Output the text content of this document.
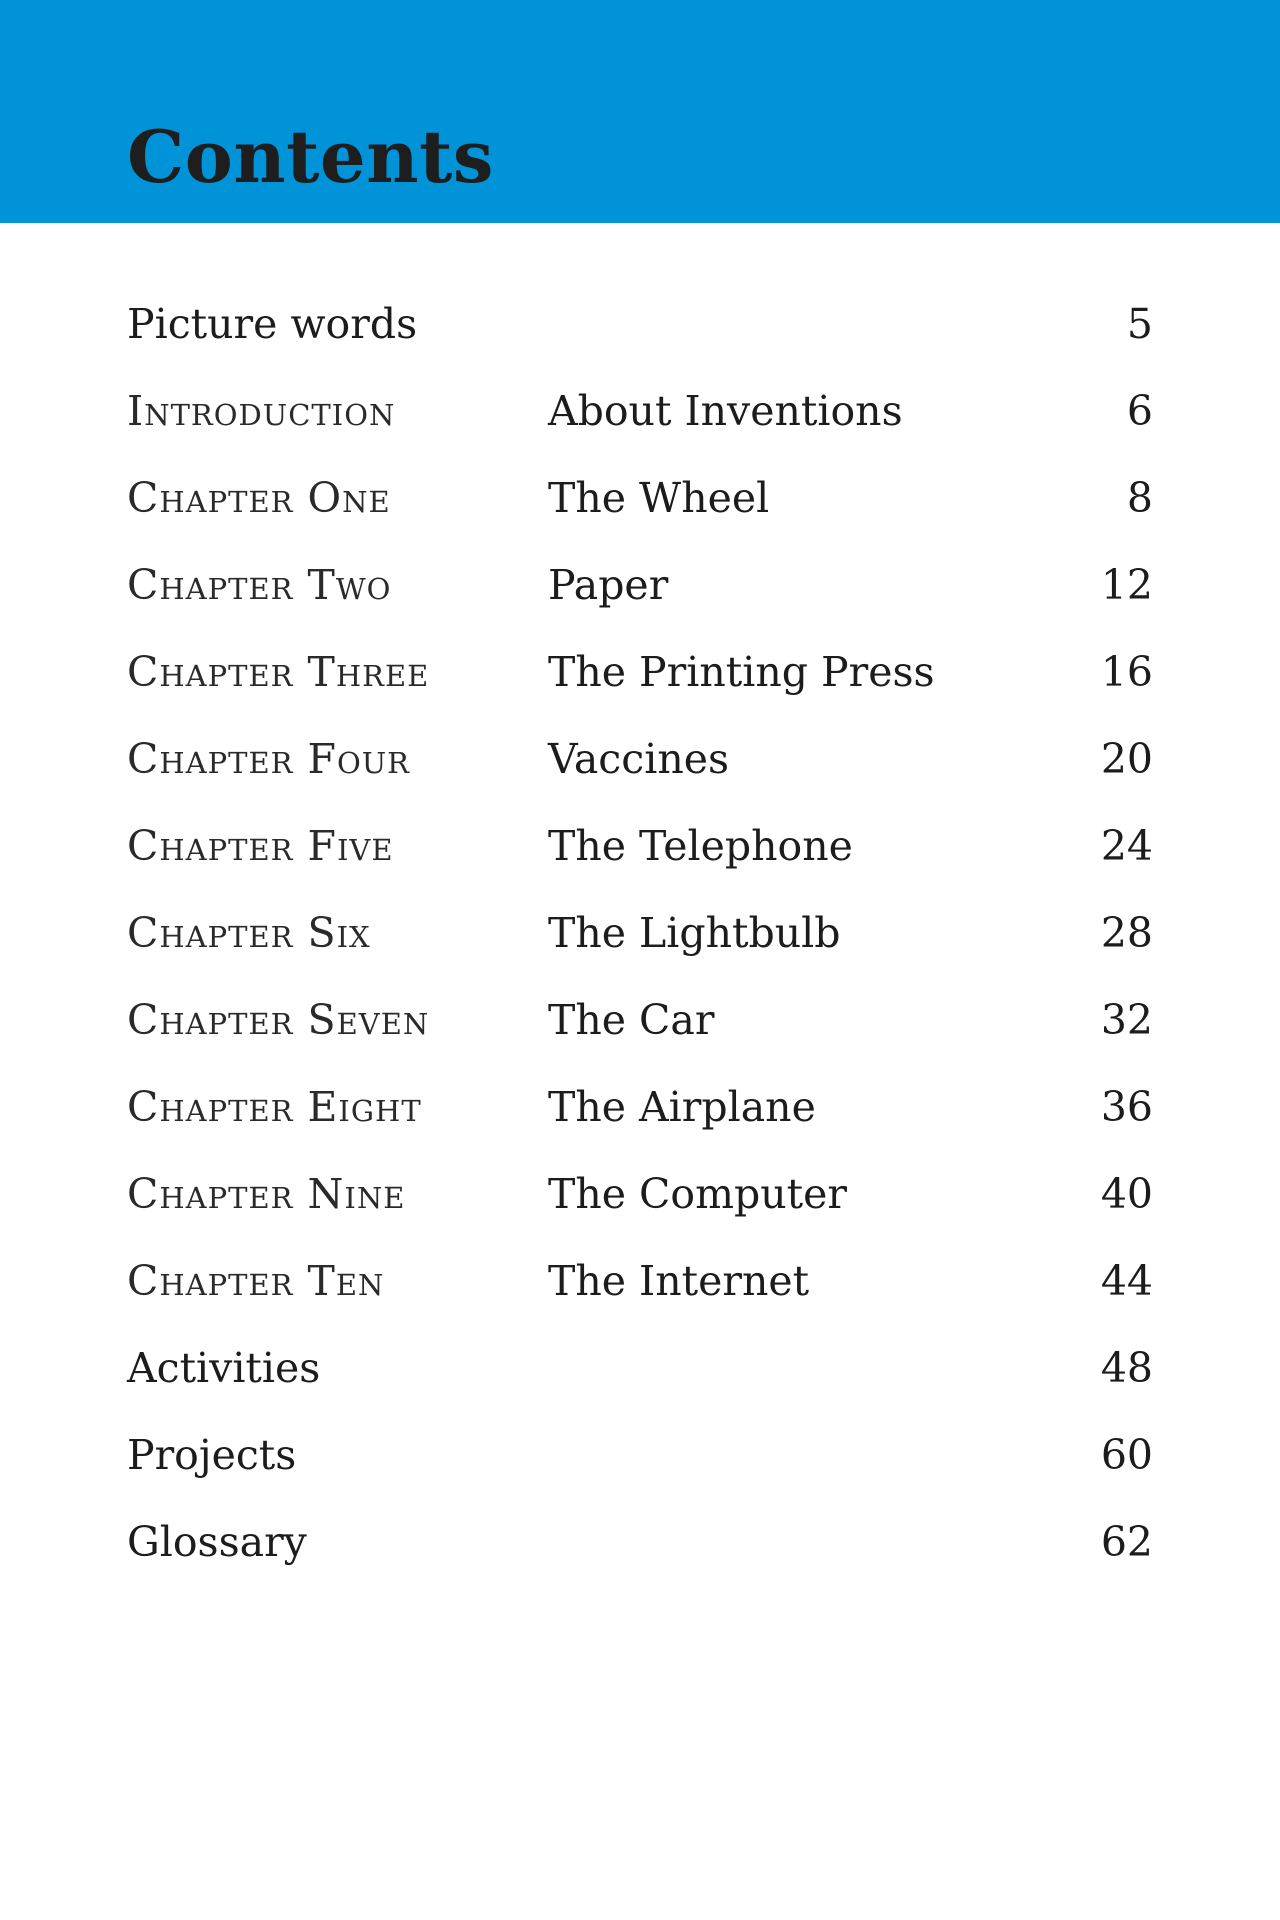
Contents
Picture words	5
Introduction	About Inventions	6
Chapter One	The Wheel	8
Chapter Two	Paper	12
Chapter Three	The Printing Press	16
Chapter Four	Vaccines	20
Chapter Five	The Telephone	24
Chapter Six	The Lightbulb	28
Chapter Seven	The Car	32
Chapter Eight	The Airplane	36
Chapter Nine	The Computer	40
Chapter Ten	The Internet	44
Activities	48
Projects	60
Glossary	62
